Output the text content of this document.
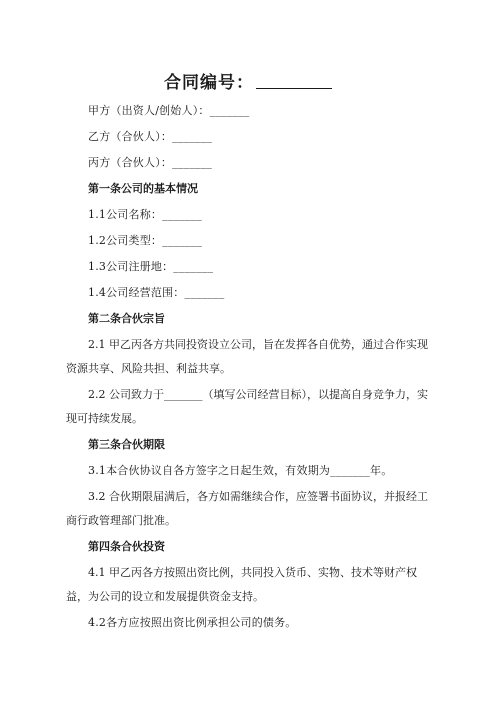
合同编号：

甲方（出资人/创始人）：_______

乙方（合伙人）：_______

丙方（合伙人）：_______

第一条公司的基本情况

1.1公司名称：_______

1.2公司类型：_______

1.3公司注册地：_______

1.4公司经营范围：_______

第二条合伙宗旨

2.1 甲乙丙各方共同投资设立公司，旨在发挥各自优势，通过合作实现资源共享、风险共担、利益共享。

2.2 公司致力于_______（填写公司经营目标），以提高自身竞争力，实现可持续发展。

第三条合伙期限

3.1本合伙协议自各方签字之日起生效，有效期为_______年。

3.2 合伙期限届满后，各方如需继续合作，应签署书面协议，并报经工商行政管理部门批准。

第四条合伙投资

4.1 甲乙丙各方按照出资比例，共同投入货币、实物、技术等财产权益，为公司的设立和发展提供资金支持。

4.2各方应按照出资比例承担公司的债务。
